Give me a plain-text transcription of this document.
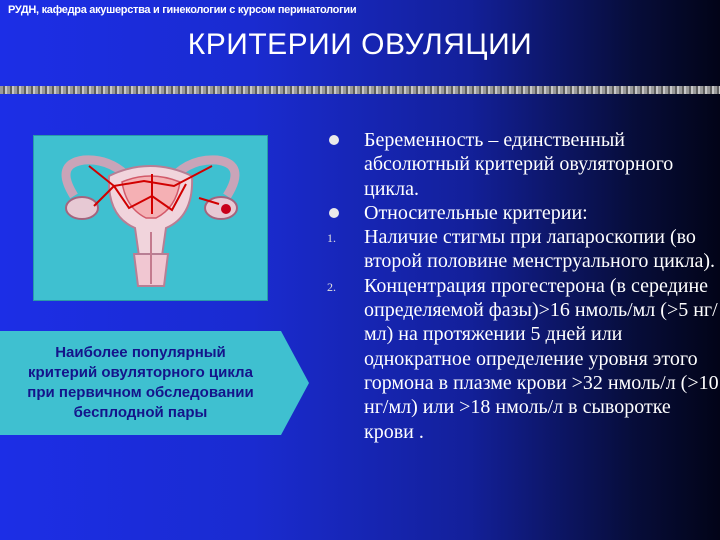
РУДН, кафедра акушерства и гинекологии с курсом перинатологии
КРИТЕРИИ ОВУЛЯЦИИ
Наиболее популярный
критерий овуляторного цикла
при первичном обследовании
бесплодной пары
Беременность – единственный абсолютный критерий овуляторного цикла.
Относительные критерии:
1.	Наличие стигмы при лапароскопии (во второй половине менструального цикла).
2.	Концентрация прогестерона (в середине определяемой фазы)>16 нмоль/мл (>5 нг/мл) на протяжении 5 дней или однократное определение уровня этого гормона в плазме крови >32 нмоль/л (>10 нг/мл) или >18 нмоль/л в сыворотке крови .
